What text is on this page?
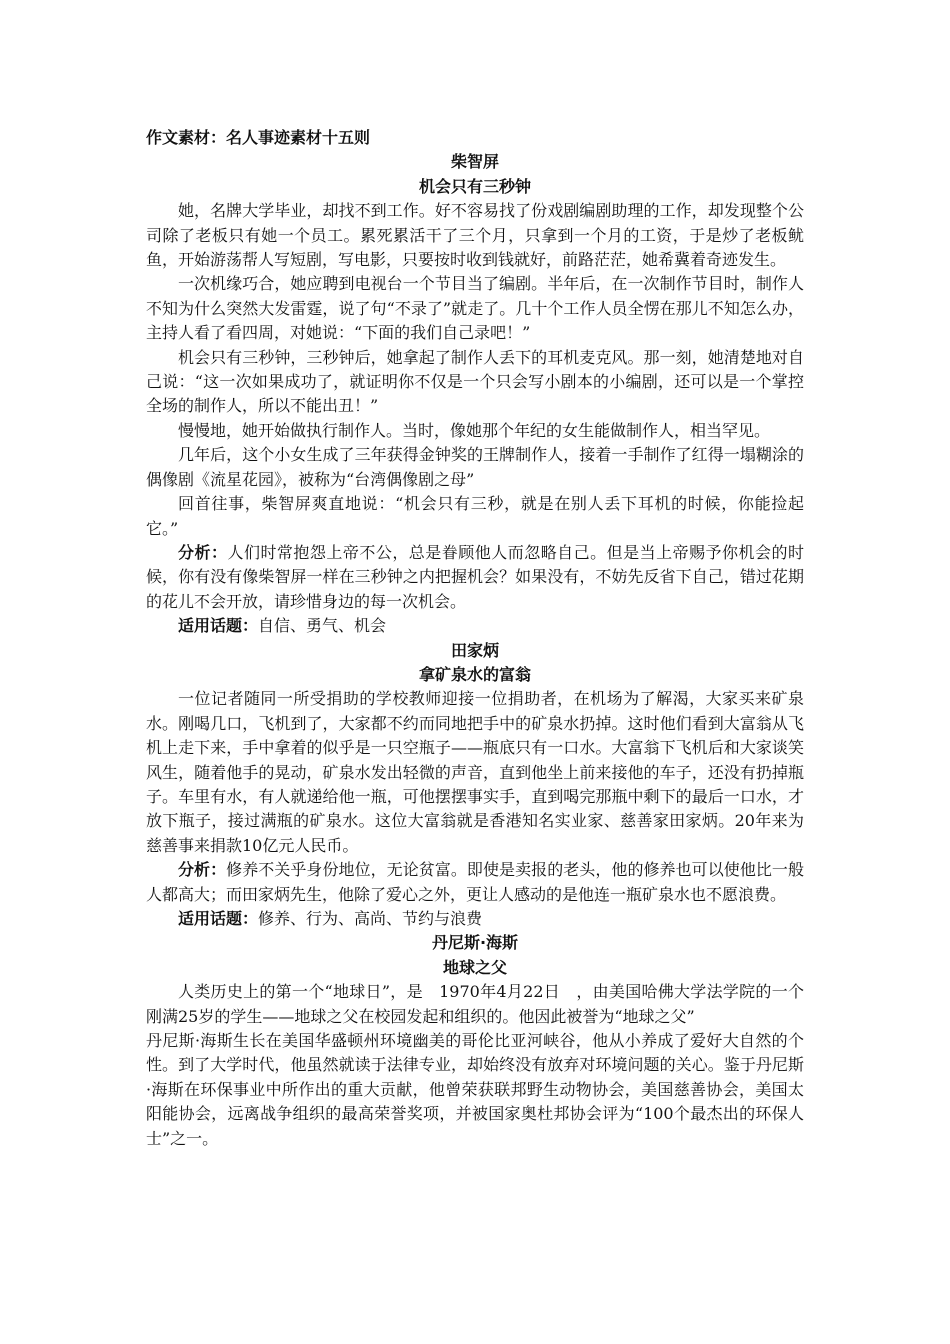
作文素材：名人事迹素材十五则
柴智屏
机会只有三秒钟

她，名牌大学毕业，却找不到工作。好不容易找了份戏剧编剧助理的工作，却发现整个公司除了老板只有她一个员工。累死累活干了三个月，只拿到一个月的工资，于是炒了老板鱿鱼，开始游荡帮人写短剧，写电影，只要按时收到钱就好，前路茫茫，她希冀着奇迹发生。

一次机缘巧合，她应聘到电视台一个节目当了编剧。半年后，在一次制作节目时，制作人不知为什么突然大发雷霆，说了句“不录了”就走了。几十个工作人员全愣在那儿不知怎么办，主持人看了看四周，对她说：“下面的我们自己录吧！”

机会只有三秒钟，三秒钟后，她拿起了制作人丢下的耳机麦克风。那一刻，她清楚地对自己说：“这一次如果成功了，就证明你不仅是一个只会写小剧本的小编剧，还可以是一个掌控全场的制作人，所以不能出丑！”

慢慢地，她开始做执行制作人。当时，像她那个年纪的女生能做制作人，相当罕见。

几年后，这个小女生成了三年获得金钟奖的王牌制作人，接着一手制作了红得一塌糊涂的偶像剧《流星花园》，被称为“台湾偶像剧之母”

回首往事，柴智屏爽直地说：“机会只有三秒，就是在别人丢下耳机的时候，你能捡起它。”

分析：人们时常抱怨上帝不公，总是眷顾他人而忽略自己。但是当上帝赐予你机会的时候，你有没有像柴智屏一样在三秒钟之内把握机会？如果没有，不妨先反省下自己，错过花期的花儿不会开放，请珍惜身边的每一次机会。

适用话题：自信、勇气、机会

田家炳
拿矿泉水的富翁

一位记者随同一所受捐助的学校教师迎接一位捐助者，在机场为了解渴，大家买来矿泉水。刚喝几口，飞机到了，大家都不约而同地把手中的矿泉水扔掉。这时他们看到大富翁从飞机上走下来，手中拿着的似乎是一只空瓶子——瓶底只有一口水。大富翁下飞机后和大家谈笑风生，随着他手的晃动，矿泉水发出轻微的声音，直到他坐上前来接他的车子，还没有扔掉瓶子。车里有水，有人就递给他一瓶，可他摆摆事实手，直到喝完那瓶中剩下的最后一口水，才放下瓶子，接过满瓶的矿泉水。这位大富翁就是香港知名实业家、慈善家田家炳。20年来为慈善事来捐款10亿元人民币。

分析：修养不关乎身份地位，无论贫富。即使是卖报的老头，他的修养也可以使他比一般人都高大；而田家炳先生，他除了爱心之外，更让人感动的是他连一瓶矿泉水也不愿浪费。

适用话题：修养、行为、高尚、节约与浪费

丹尼斯·海斯
地球之父

人类历史上的第一个“地球日”，是　1970年4月22日　，由美国哈佛大学法学院的一个刚满25岁的学生——地球之父在校园发起和组织的。他因此被誉为“地球之父”

丹尼斯·海斯生长在美国华盛顿州环境幽美的哥伦比亚河峡谷，他从小养成了爱好大自然的个性。到了大学时代，他虽然就读于法律专业，却始终没有放弃对环境问题的关心。鉴于丹尼斯·海斯在环保事业中所作出的重大贡献，他曾荣获联邦野生动物协会，美国慈善协会，美国太阳能协会，远离战争组织的最高荣誉奖项，并被国家奥杜邦协会评为“100个最杰出的环保人士”之一。
